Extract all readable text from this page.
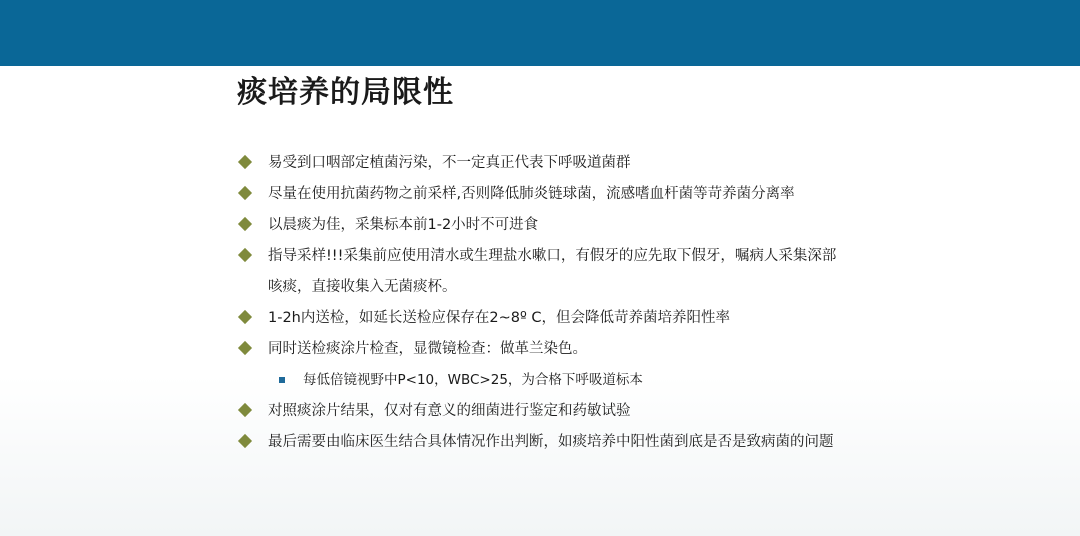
痰培养的局限性
易受到口咽部定植菌污染，不一定真正代表下呼吸道菌群
尽量在使用抗菌药物之前采样,否则降低肺炎链球菌，流感嗜血杆菌等苛养菌分离率
以晨痰为佳，采集标本前1-2小时不可进食
指导采样!!!采集前应使用清水或生理盐水嗽口，有假牙的应先取下假牙，嘱病人采集深部咳痰，直接收集入无菌痰杯。
1-2h内送检，如延长送检应保存在2~8º C，但会降低苛养菌培养阳性率
同时送检痰涂片检查，显微镜检查：做革兰染色。
每低倍镜视野中P<10，WBC>25，为合格下呼吸道标本
对照痰涂片结果，仅对有意义的细菌进行鉴定和药敏试验
最后需要由临床医生结合具体情况作出判断，如痰培养中阳性菌到底是否是致病菌的问题
